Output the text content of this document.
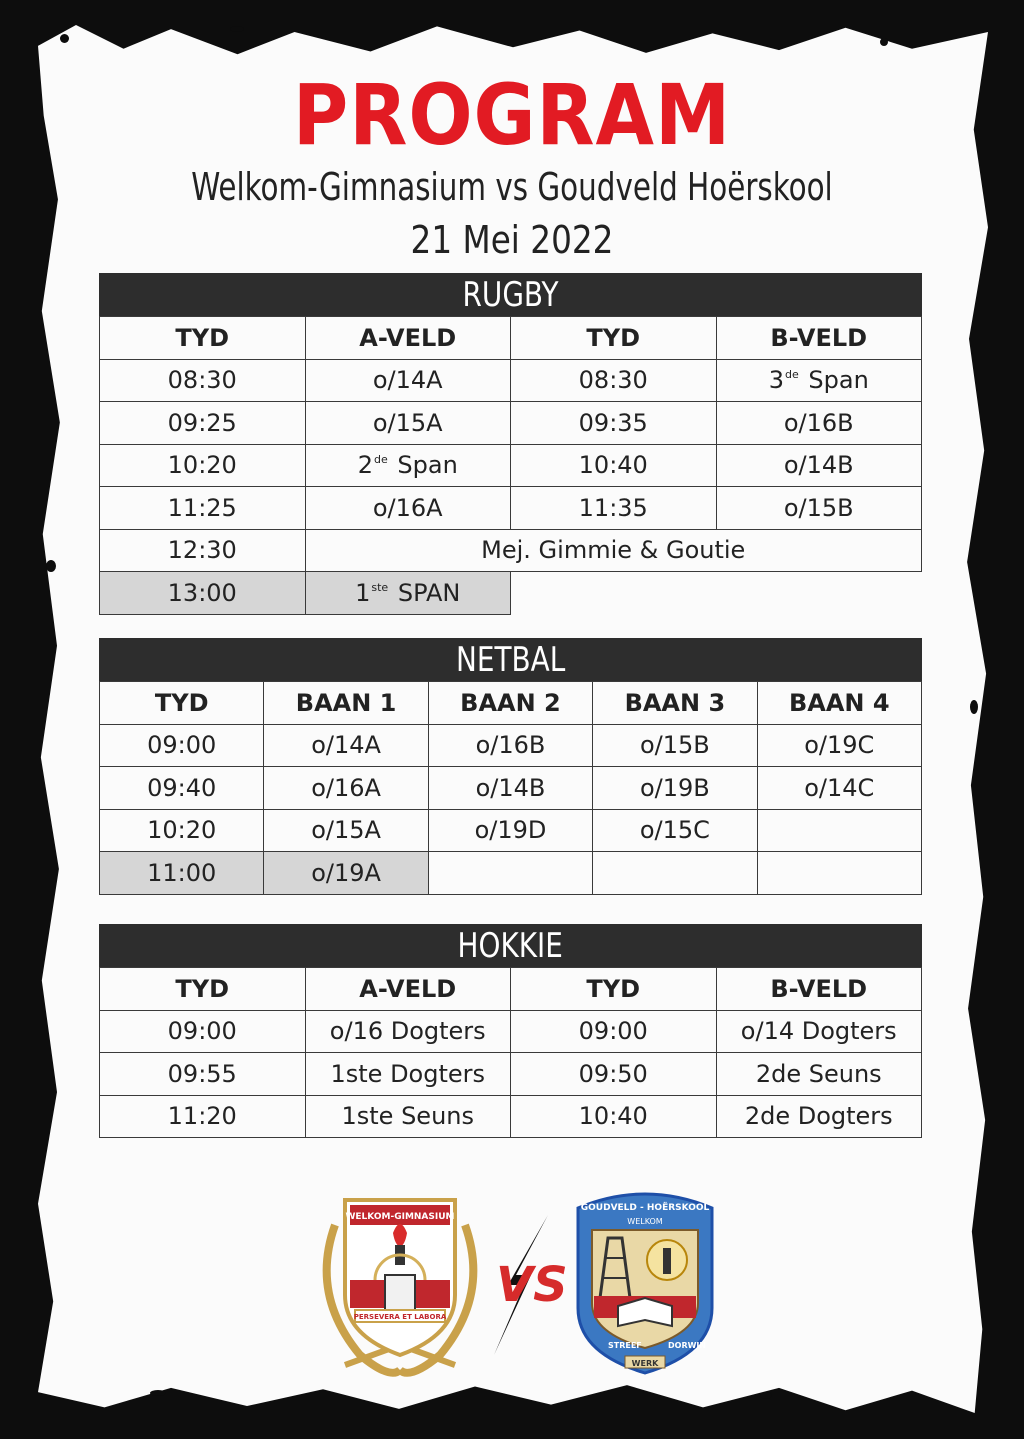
PROGRAM
Welkom-Gimnasium vs Goudveld Hoërskool
21 Mei 2022
RUGBY
TYD	A-VELD	TYD	B-VELD
08:30	o/14A	08:30	3de Span
09:25	o/15A	09:35	o/16B
10:20	2de Span	10:40	o/14B
11:25	o/16A	11:35	o/15B
12:30	Mej. Gimmie & Goutie		
13:00	1ste SPAN		
NETBAL
TYD	BAAN 1	BAAN 2	BAAN 3	BAAN 4
09:00	o/14A	o/16B	o/15B	o/19C
09:40	o/16A	o/14B	o/19B	o/14C
10:20	o/15A	o/19D	o/15C	
11:00	o/19A			
HOKKIE
TYD	A-VELD	TYD	B-VELD
09:00	o/16 Dogters	09:00	o/14 Dogters
09:55	1ste Dogters	09:50	2de Seuns
11:20	1ste Seuns	10:40	2de Dogters
WELKOM-GIMNASIUM
PERSEVERA ET LABORA
VS
GOUDVELD - HOËRSKOOL
WELKOM
STREEF	DORWIN
WERK
